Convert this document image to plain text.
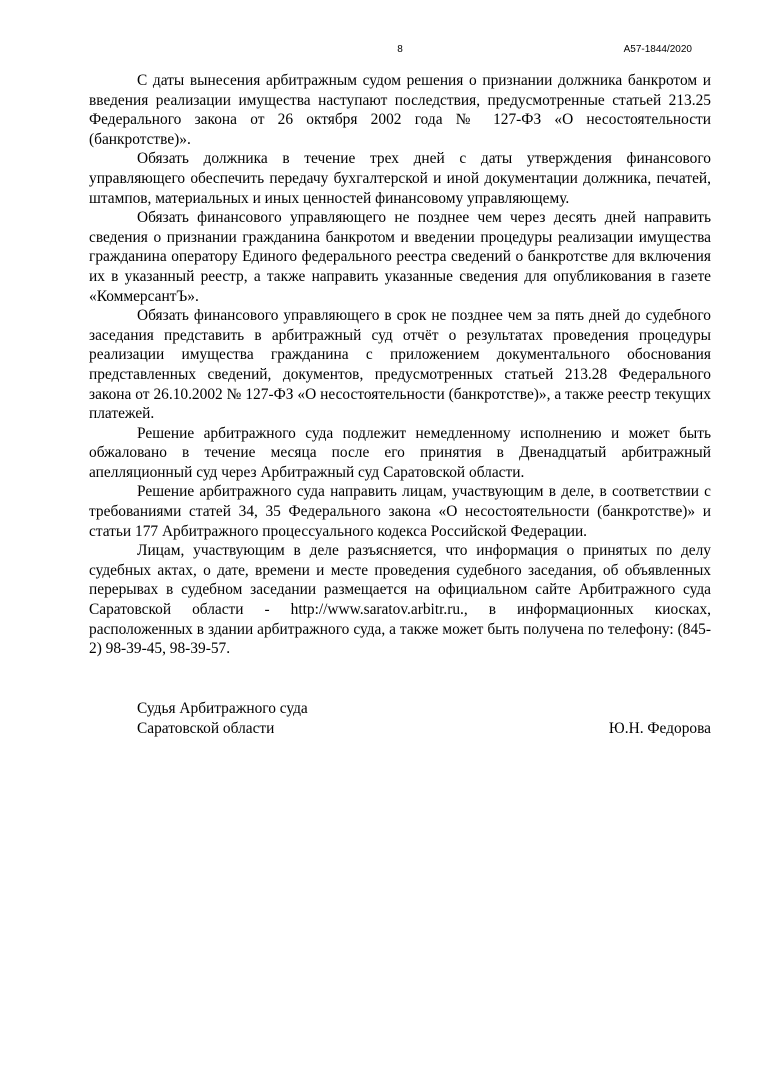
8	А57-1844/2020

С даты вынесения арбитражным судом решения о признании должника банкротом и введения реализации имущества наступают последствия, предусмотренные статьей 213.25 Федерального закона от 26 октября 2002 года № 127-ФЗ «О несостоятельности (банкротстве)».

Обязать должника в течение трех дней с даты утверждения финансового управляющего обеспечить передачу бухгалтерской и иной документации должника, печатей, штампов, материальных и иных ценностей финансовому управляющему.

Обязать финансового управляющего не позднее чем через десять дней направить сведения о признании гражданина банкротом и введении процедуры реализации имущества гражданина оператору Единого федерального реестра сведений о банкротстве для включения их в указанный реестр, а также направить указанные сведения для опубликования в газете «КоммерсантЪ».

Обязать финансового управляющего в срок не позднее чем за пять дней до судебного заседания представить в арбитражный суд отчёт о результатах проведения процедуры реализации имущества гражданина с приложением документального обоснования представленных сведений, документов, предусмотренных статьей 213.28 Федерального закона от 26.10.2002 № 127-ФЗ «О несостоятельности (банкротстве)», а также реестр текущих платежей.

Решение арбитражного суда подлежит немедленному исполнению и может быть обжаловано в течение месяца после его принятия в Двенадцатый арбитражный апелляционный суд через Арбитражный суд Саратовской области.

Решение арбитражного суда направить лицам, участвующим в деле, в соответствии с требованиями статей 34, 35 Федерального закона «О несостоятельности (банкротстве)» и статьи 177 Арбитражного процессуального кодекса Российской Федерации.

Лицам, участвующим в деле разъясняется, что информация о принятых по делу судебных актах, о дате, времени и месте проведения судебного заседания, об объявленных перерывах в судебном заседании размещается на официальном сайте Арбитражного суда Саратовской области - http://www.saratov.arbitr.ru., в информационных киосках, расположенных в здании арбитражного суда, а также может быть получена по телефону: (845-2) 98-39-45, 98-39-57.

Судья Арбитражного суда
Саратовской области	Ю.Н. Федорова
